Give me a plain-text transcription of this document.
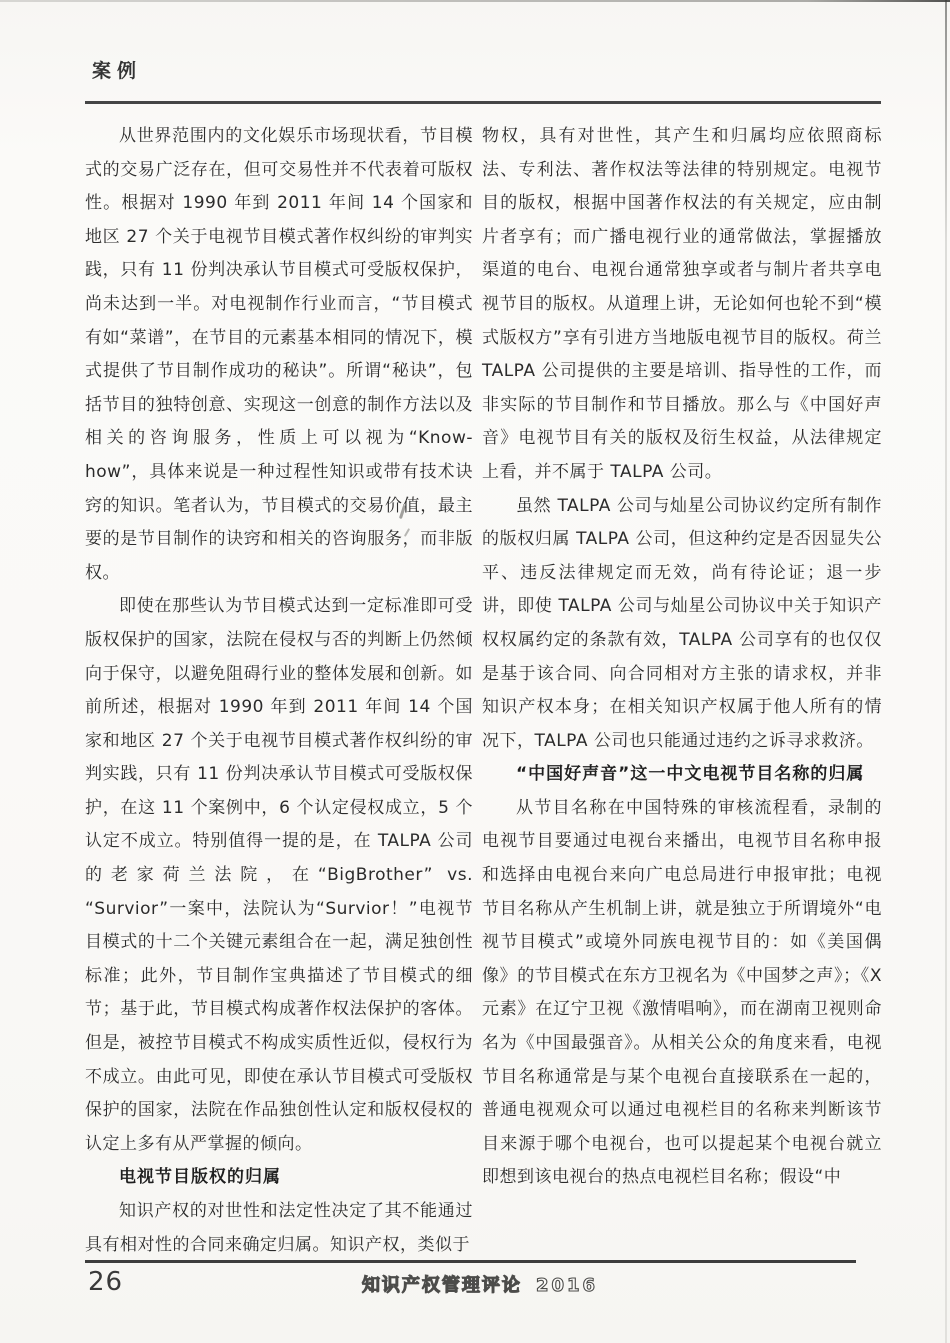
案例

从世界范围内的文化娱乐市场现状看，节目模式的交易广泛存在，但可交易性并不代表着可版权性。根据对 1990 年到 2011 年间 14 个国家和地区 27 个关于电视节目模式著作权纠纷的审判实践，只有 11 份判决承认节目模式可受版权保护，尚未达到一半。对电视制作行业而言，“节目模式有如“菜谱”，在节目的元素基本相同的情况下，模式提供了节目制作成功的秘诀”。所谓“秘诀”，包括节目的独特创意、实现这一创意的制作方法以及相关的咨询服务，性质上可以视为“Know-how”，具体来说是一种过程性知识或带有技术诀窍的知识。笔者认为，节目模式的交易价值，最主要的是节目制作的诀窍和相关的咨询服务，而非版权。

即使在那些认为节目模式达到一定标准即可受版权保护的国家，法院在侵权与否的判断上仍然倾向于保守，以避免阻碍行业的整体发展和创新。如前所述，根据对 1990 年到 2011 年间 14 个国家和地区 27 个关于电视节目模式著作权纠纷的审判实践，只有 11 份判决承认节目模式可受版权保护，在这 11 个案例中，6 个认定侵权成立，5 个认定不成立。特别值得一提的是，在 TALPA 公司的老家荷兰法院，在“BigBrother” vs. “Survior”一案中，法院认为“Survior！”电视节目模式的十二个关键元素组合在一起，满足独创性标准；此外，节目制作宝典描述了节目模式的细节；基于此，节目模式构成著作权法保护的客体。但是，被控节目模式不构成实质性近似，侵权行为不成立。由此可见，即使在承认节目模式可受版权保护的国家，法院在作品独创性认定和版权侵权的认定上多有从严掌握的倾向。

电视节目版权的归属

知识产权的对世性和法定性决定了其不能通过具有相对性的合同来确定归属。知识产权，类似于

物权，具有对世性，其产生和归属均应依照商标法、专利法、著作权法等法律的特别规定。电视节目的版权，根据中国著作权法的有关规定，应由制片者享有；而广播电视行业的通常做法，掌握播放渠道的电台、电视台通常独享或者与制片者共享电视节目的版权。从道理上讲，无论如何也轮不到“模式版权方”享有引进方当地版电视节目的版权。荷兰 TALPA 公司提供的主要是培训、指导性的工作，而非实际的节目制作和节目播放。那么与《中国好声音》电视节目有关的版权及衍生权益，从法律规定上看，并不属于 TALPA 公司。

虽然 TALPA 公司与灿星公司协议约定所有制作的版权归属 TALPA 公司，但这种约定是否因显失公平、违反法律规定而无效，尚有待论证；退一步讲，即使 TALPA 公司与灿星公司协议中关于知识产权权属约定的条款有效，TALPA 公司享有的也仅仅是基于该合同、向合同相对方主张的请求权，并非知识产权本身；在相关知识产权属于他人所有的情况下，TALPA 公司也只能通过违约之诉寻求救济。

“中国好声音”这一中文电视节目名称的归属

从节目名称在中国特殊的审核流程看，录制的电视节目要通过电视台来播出，电视节目名称申报和选择由电视台来向广电总局进行申报审批；电视节目名称从产生机制上讲，就是独立于所谓境外“电视节目模式”或境外同族电视节目的：如《美国偶像》的节目模式在东方卫视名为《中国梦之声》；《X元素》在辽宁卫视《激情唱响》，而在湖南卫视则命名为《中国最强音》。从相关公众的角度来看，电视节目名称通常是与某个电视台直接联系在一起的，普通电视观众可以通过电视栏目的名称来判断该节目来源于哪个电视台，也可以提起某个电视台就立即想到该电视台的热点电视栏目名称；假设“中

26	知识产权管理评论 2016
